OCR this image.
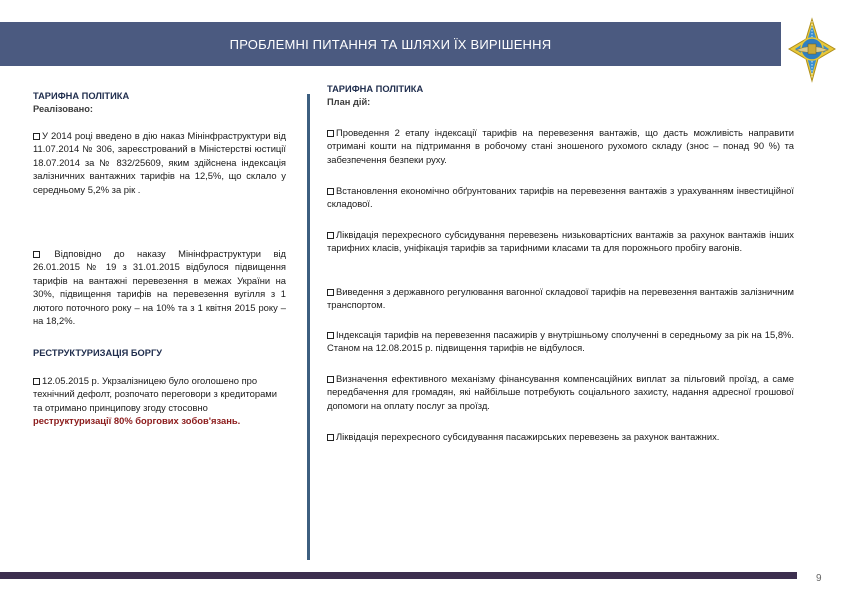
ПРОБЛЕМНІ ПИТАННЯ ТА ШЛЯХИ ЇХ ВИРІШЕННЯ
ТАРИФНА ПОЛІТИКА
Реалізовано:

У 2014 році введено в дію наказ Мінінфраструктури від 11.07.2014 № 306, зареєстрований в Міністерстві юстиції 18.07.2014 за № 832/25609, яким здійснена індексація залізничних вантажних тарифів на 12,5%, що склало у середньому 5,2% за рік .

Відповідно до наказу Мінінфраструктури від 26.01.2015 № 19 з 31.01.2015 відбулося підвищення тарифів на вантажні перевезення в межах України на 30%, підвищення тарифів на перевезення вугілля з 1 лютого поточного року – на 10% та з 1 квітня 2015 року – на 18,2%.

РЕСТРУКТУРИЗАЦІЯ БОРГУ

12.05.2015 р. Укрзалізницею було оголошено про технічний дефолт, розпочато переговори з кредиторами та отримано принципову згоду стосовно реструктуризації 80% боргових зобов'язань.

ТАРИФНА ПОЛІТИКА
План дій:

Проведення 2 етапу індексації тарифів на перевезення вантажів, що дасть можливість направити отримані кошти на підтримання в робочому стані зношеного рухомого складу (знос – понад 90 %) та забезпечення безпеки руху.

Встановлення економічно обґрунтованих тарифів на перевезення вантажів з урахуванням інвестиційної складової.

Ліквідація перехресного субсидування перевезень низьковартісних вантажів за рахунок вантажів інших тарифних класів, уніфікація тарифів за тарифними класами та для порожнього пробігу вагонів.

Виведення з державного регулювання вагонної складової тарифів на перевезення вантажів залізничним транспортом.

Індексація тарифів на перевезення пасажирів у внутрішньому сполученні в середньому за рік на 15,8%. Станом на 12.08.2015 р. підвищення тарифів не відбулося.

Визначення ефективного механізму фінансування компенсаційних виплат за пільговий проїзд, а саме передбачення для громадян, які найбільше потребують соціального захисту, надання адресної грошової допомоги на оплату послуг за проїзд.

Ліквідація перехресного субсидування пасажирських перевезень за рахунок вантажних.

9
